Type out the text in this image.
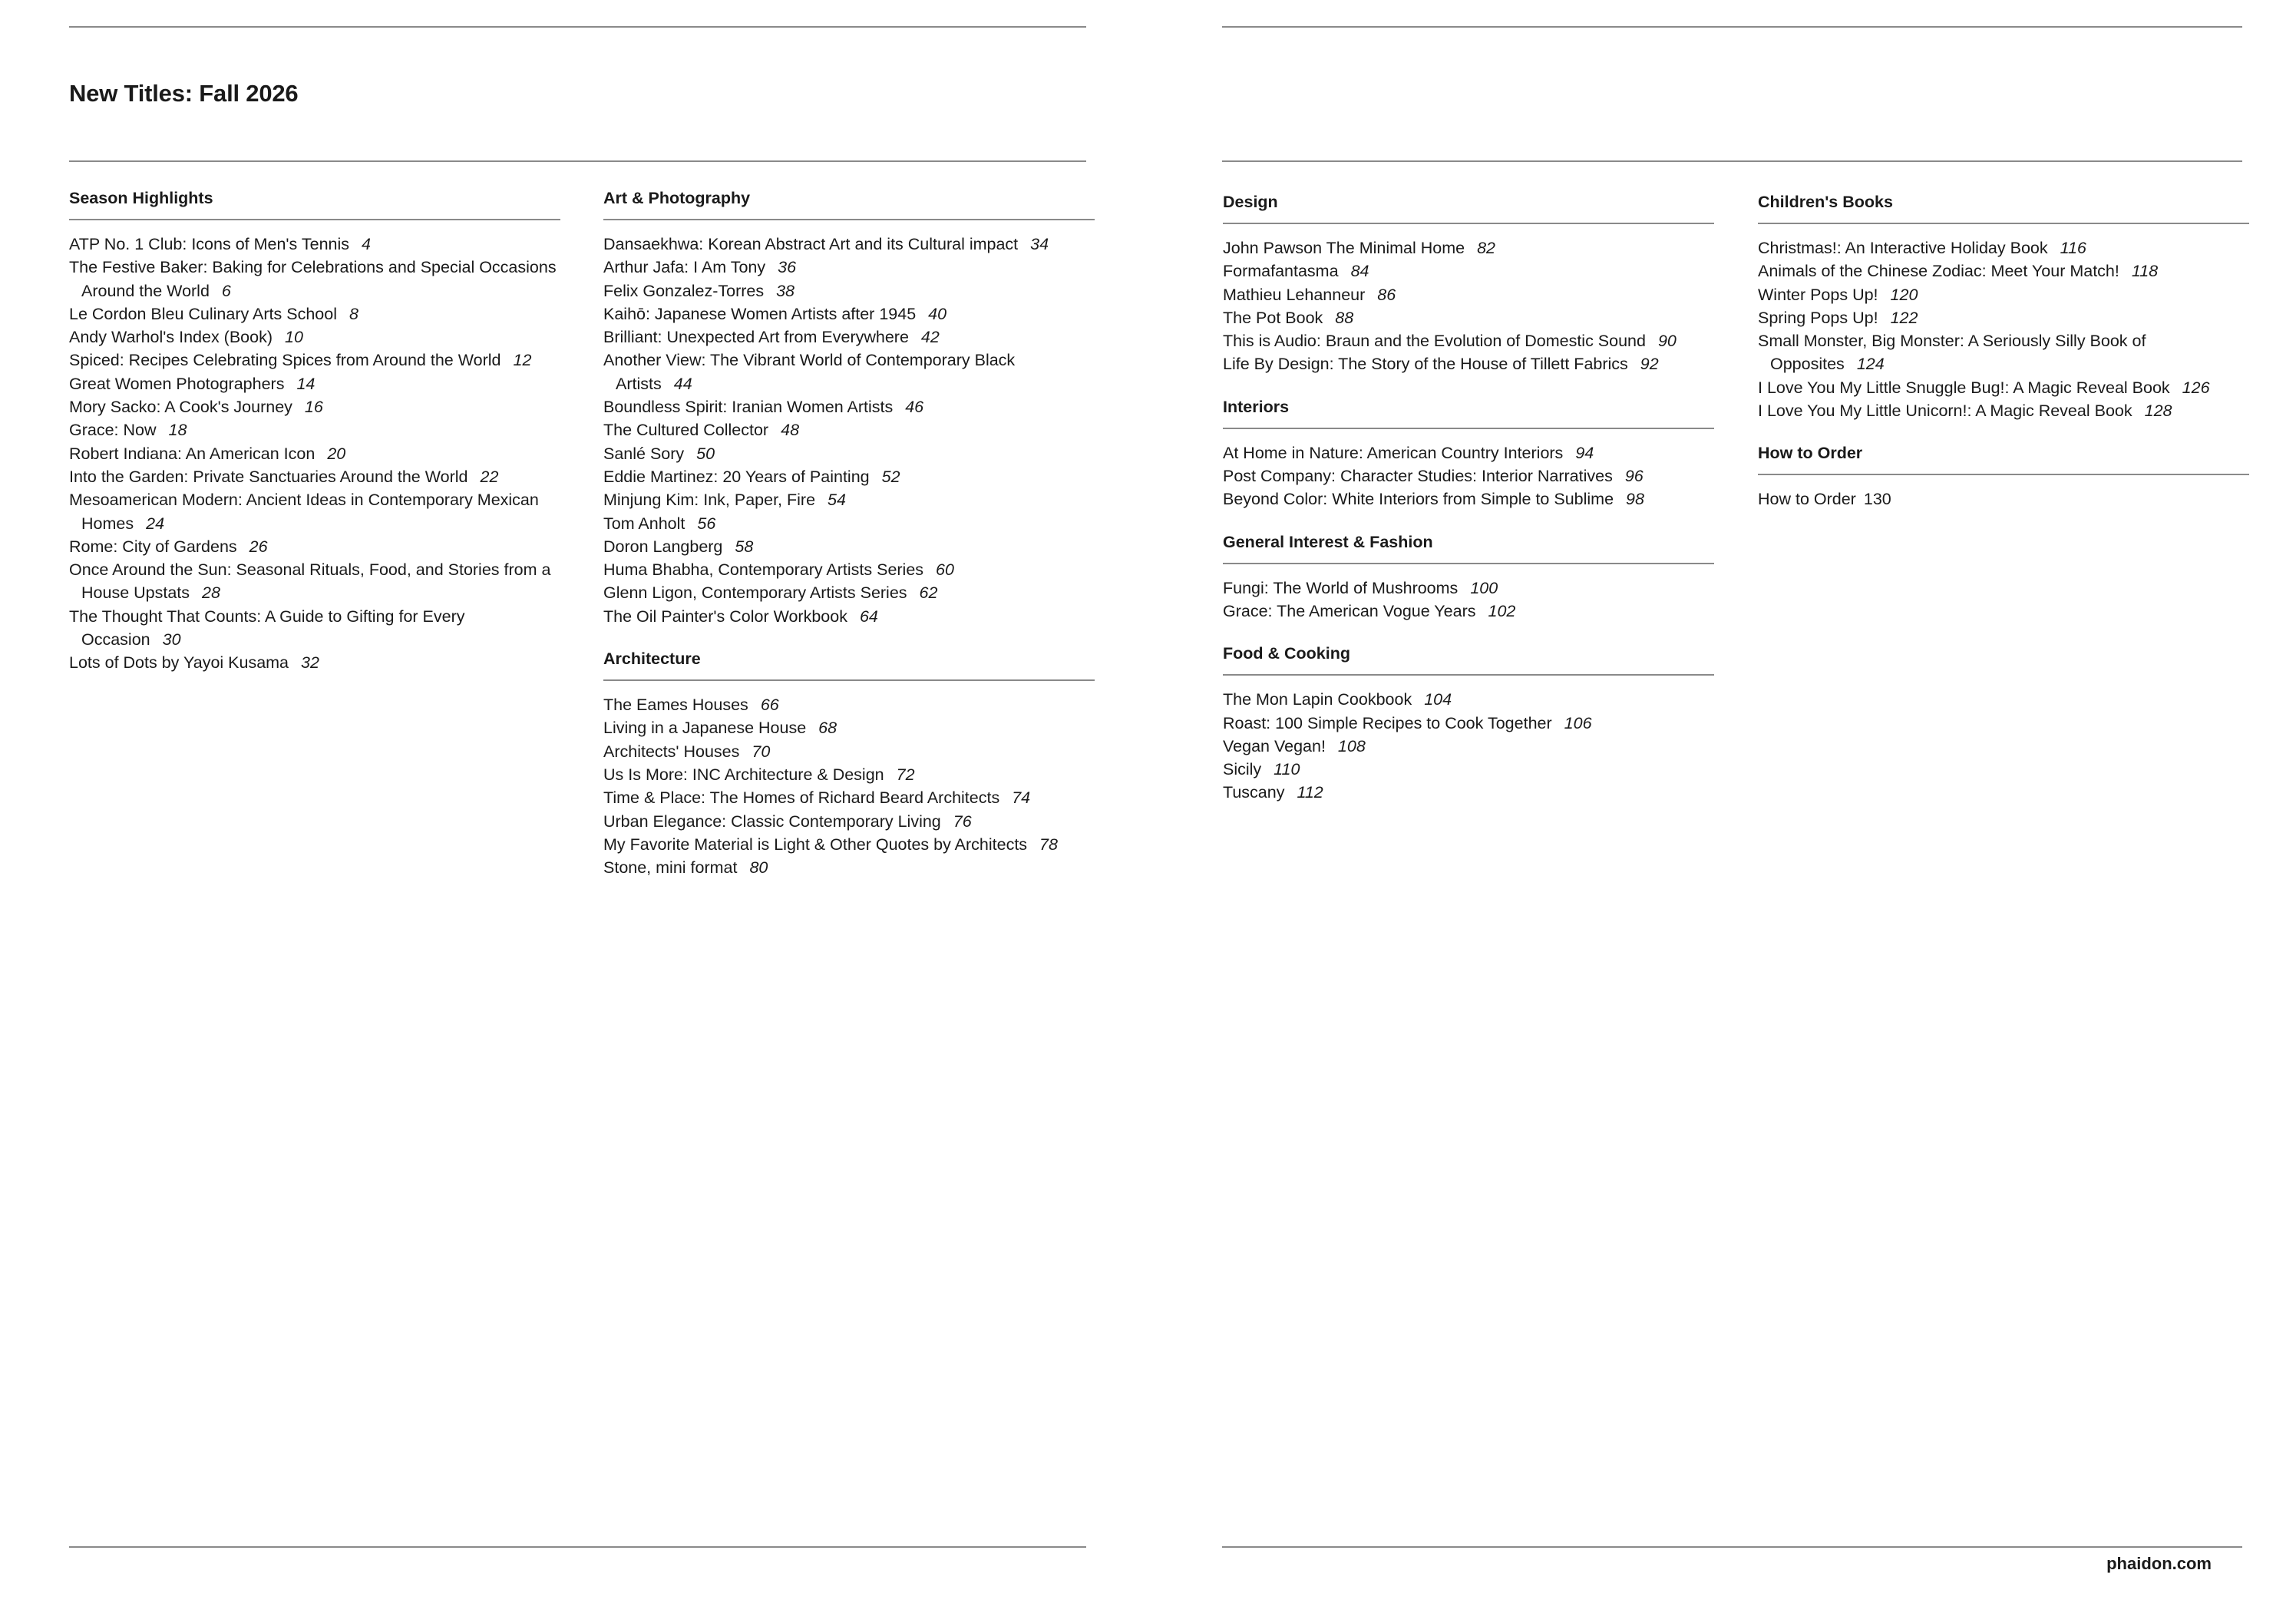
New Titles: Fall 2026
Season Highlights
ATP No. 1 Club: Icons of Men's Tennis 4
The Festive Baker: Baking for Celebrations and Special Occasions Around the World 6
Le Cordon Bleu Culinary Arts School 8
Andy Warhol's Index (Book) 10
Spiced: Recipes Celebrating Spices from Around the World 12
Great Women Photographers 14
Mory Sacko: A Cook's Journey 16
Grace: Now 18
Robert Indiana: An American Icon 20
Into the Garden: Private Sanctuaries Around the World 22
Mesoamerican Modern: Ancient Ideas in Contemporary Mexican Homes 24
Rome: City of Gardens 26
Once Around the Sun: Seasonal Rituals, Food, and Stories from a House Upstats 28
The Thought That Counts: A Guide to Gifting for Every Occasion 30
Lots of Dots by Yayoi Kusama 32
Art & Photography
Dansaekhwa: Korean Abstract Art and its Cultural impact 34
Arthur Jafa: I Am Tony 36
Felix Gonzalez-Torres 38
Kaihō: Japanese Women Artists after 1945 40
Brilliant: Unexpected Art from Everywhere 42
Another View: The Vibrant World of Contemporary Black Artists 44
Boundless Spirit: Iranian Women Artists 46
The Cultured Collector 48
Sanlé Sory 50
Eddie Martinez: 20 Years of Painting 52
Minjung Kim: Ink, Paper, Fire 54
Tom Anholt 56
Doron Langberg 58
Huma Bhabha, Contemporary Artists Series 60
Glenn Ligon, Contemporary Artists Series 62
The Oil Painter's Color Workbook 64
Architecture
The Eames Houses 66
Living in a Japanese House 68
Architects' Houses 70
Us Is More: INC Architecture & Design 72
Time & Place: The Homes of Richard Beard Architects 74
Urban Elegance: Classic Contemporary Living 76
My Favorite Material is Light & Other Quotes by Architects 78
Stone, mini format 80
Design
John Pawson The Minimal Home 82
Formafantasma 84
Mathieu Lehanneur 86
The Pot Book 88
This is Audio: Braun and the Evolution of Domestic Sound 90
Life By Design: The Story of the House of Tillett Fabrics 92
Interiors
At Home in Nature: American Country Interiors 94
Post Company: Character Studies: Interior Narratives 96
Beyond Color: White Interiors from Simple to Sublime 98
General Interest & Fashion
Fungi: The World of Mushrooms 100
Grace: The American Vogue Years 102
Food & Cooking
The Mon Lapin Cookbook 104
Roast: 100 Simple Recipes to Cook Together 106
Vegan Vegan! 108
Sicily 110
Tuscany 112
Children's Books
Christmas!: An Interactive Holiday Book 116
Animals of the Chinese Zodiac: Meet Your Match! 118
Winter Pops Up! 120
Spring Pops Up! 122
Small Monster, Big Monster: A Seriously Silly Book of Opposites 124
I Love You My Little Snuggle Bug!: A Magic Reveal Book 126
I Love You My Little Unicorn!: A Magic Reveal Book 128
How to Order
How to Order 130
phaidon.com
